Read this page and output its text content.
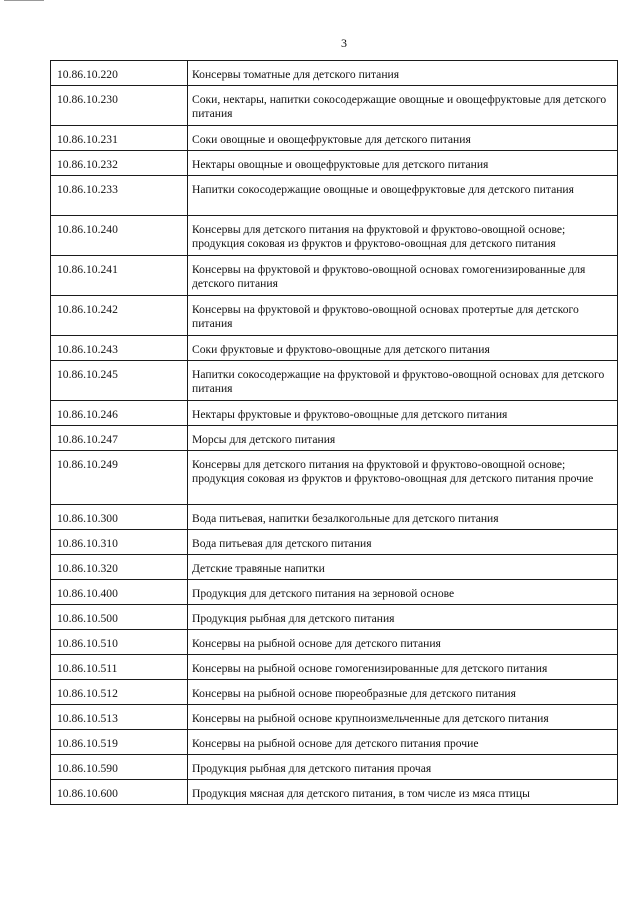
3
10.86.10.220	Консервы томатные для детского питания
10.86.10.230	Соки, нектары, напитки сокосодержащие овощные и овощефруктовые для детского питания
10.86.10.231	Соки овощные и овощефруктовые для детского питания
10.86.10.232	Нектары овощные и овощефруктовые для детского питания
10.86.10.233	Напитки сокосодержащие овощные и овощефруктовые для детского питания
10.86.10.240	Консервы для детского питания на фруктовой и фруктово-овощной основе; продукция соковая из фруктов и фруктово-овощная для детского питания
10.86.10.241	Консервы на фруктовой и фруктово-овощной основах гомогенизированные для детского питания
10.86.10.242	Консервы на фруктовой и фруктово-овощной основах протертые для детского питания
10.86.10.243	Соки фруктовые и фруктово-овощные для детского питания
10.86.10.245	Напитки сокосодержащие на фруктовой и фруктово-овощной основах для детского питания
10.86.10.246	Нектары фруктовые и фруктово-овощные для детского питания
10.86.10.247	Морсы для детского питания
10.86.10.249	Консервы для детского питания на фруктовой и фруктово-овощной основе; продукция соковая из фруктов и фруктово-овощная для детского питания прочие
10.86.10.300	Вода питьевая, напитки безалкогольные для детского питания
10.86.10.310	Вода питьевая для детского питания
10.86.10.320	Детские травяные напитки
10.86.10.400	Продукция для детского питания на зерновой основе
10.86.10.500	Продукция рыбная для детского питания
10.86.10.510	Консервы на рыбной основе для детского питания
10.86.10.511	Консервы на рыбной основе гомогенизированные для детского питания
10.86.10.512	Консервы на рыбной основе пюреобразные для детского питания
10.86.10.513	Консервы на рыбной основе крупноизмельченные для детского питания
10.86.10.519	Консервы на рыбной основе для детского питания прочие
10.86.10.590	Продукция рыбная для детского питания прочая
10.86.10.600	Продукция мясная для детского питания, в том числе из мяса птицы
